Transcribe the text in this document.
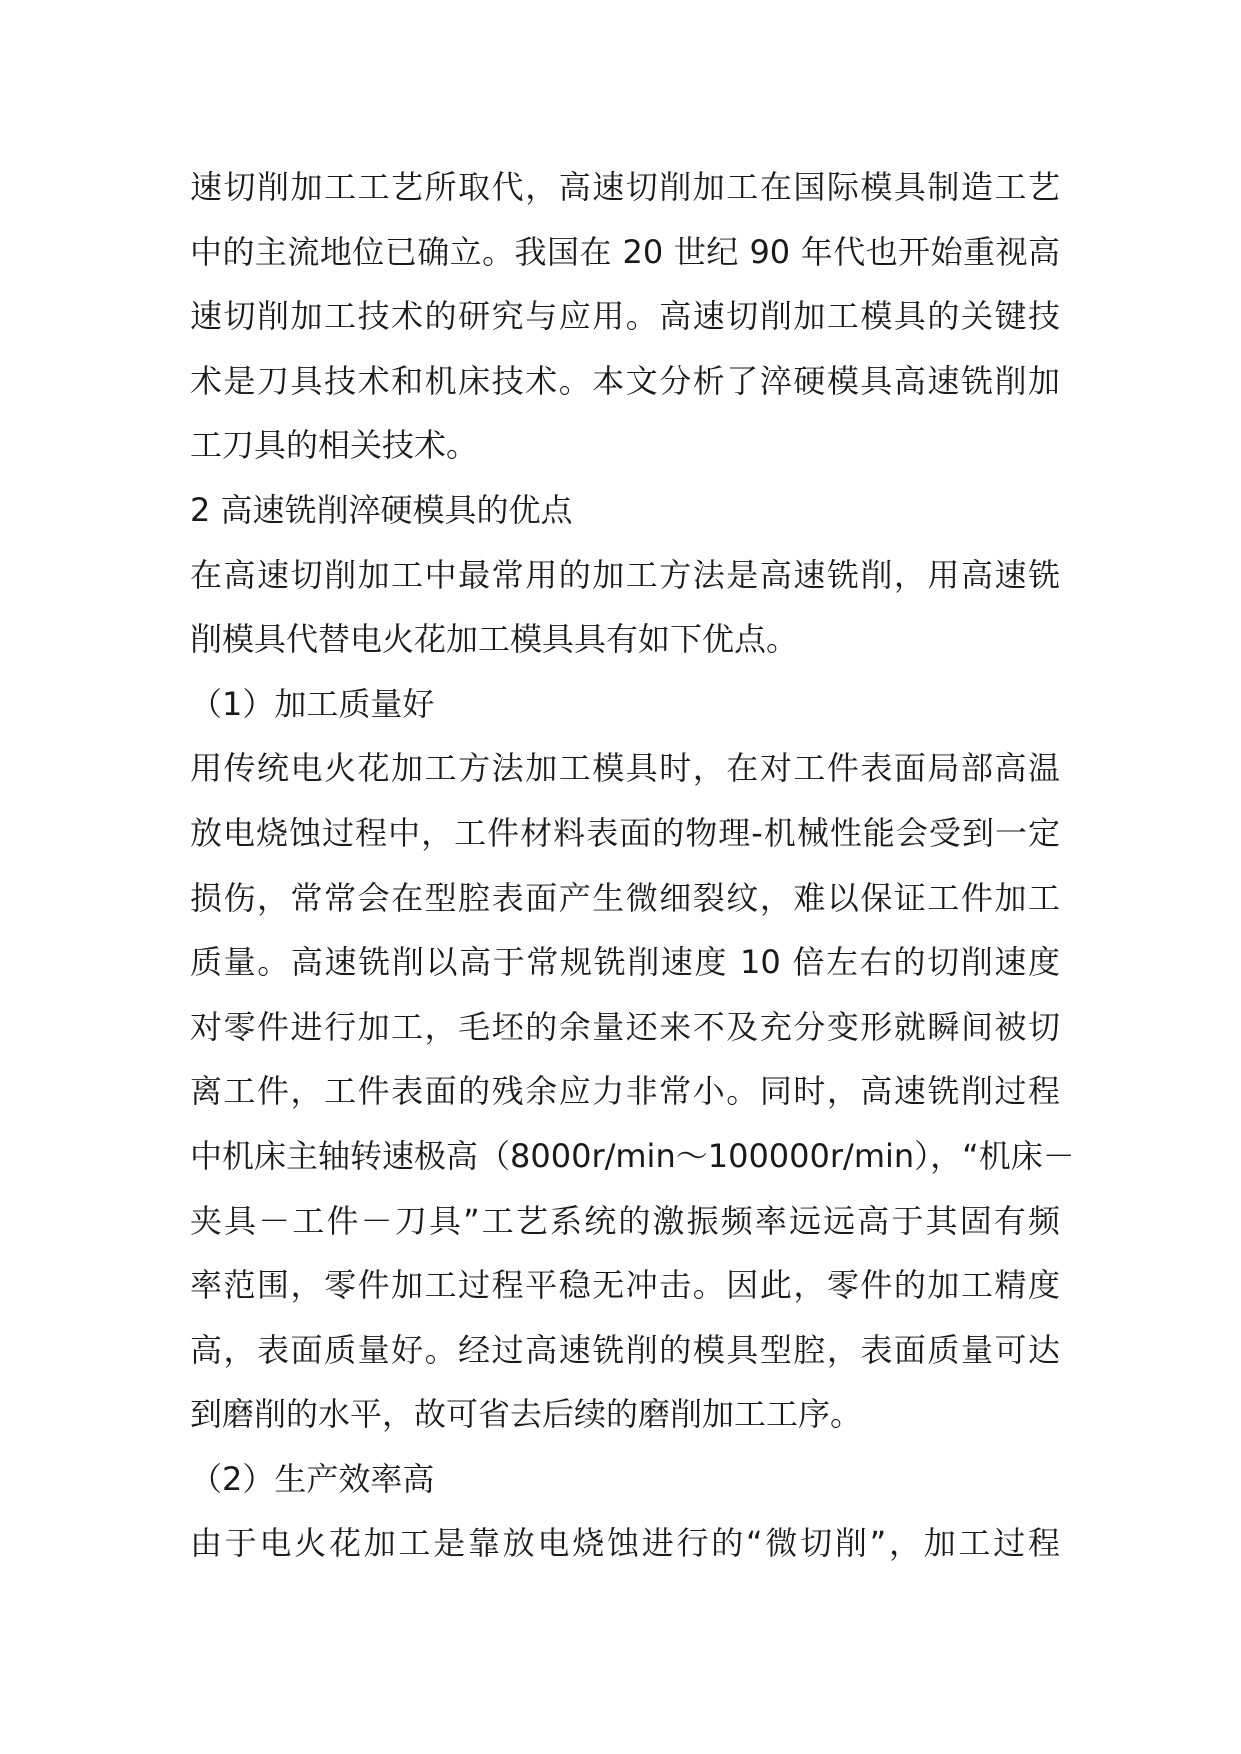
速切削加工工艺所取代，高速切削加工在国际模具制造工艺
中的主流地位已确立。我国在 20 世纪 90 年代也开始重视高
速切削加工技术的研究与应用。高速切削加工模具的关键技
术是刀具技术和机床技术。本文分析了淬硬模具高速铣削加
工刀具的相关技术。
2 高速铣削淬硬模具的优点
在高速切削加工中最常用的加工方法是高速铣削，用高速铣
削模具代替电火花加工模具具有如下优点。
（1）加工质量好
用传统电火花加工方法加工模具时，在对工件表面局部高温
放电烧蚀过程中，工件材料表面的物理-机械性能会受到一定
损伤，常常会在型腔表面产生微细裂纹，难以保证工件加工
质量。高速铣削以高于常规铣削速度 10 倍左右的切削速度
对零件进行加工，毛坯的余量还来不及充分变形就瞬间被切
离工件，工件表面的残余应力非常小。同时，高速铣削过程
中机床主轴转速极高（8000r/min～100000r/min），“机床－
夹具－工件－刀具”工艺系统的激振频率远远高于其固有频
率范围，零件加工过程平稳无冲击。因此，零件的加工精度
高，表面质量好。经过高速铣削的模具型腔，表面质量可达
到磨削的水平，故可省去后续的磨削加工工序。
（2）生产效率高
由于电火花加工是靠放电烧蚀进行的“微切削”，加工过程
